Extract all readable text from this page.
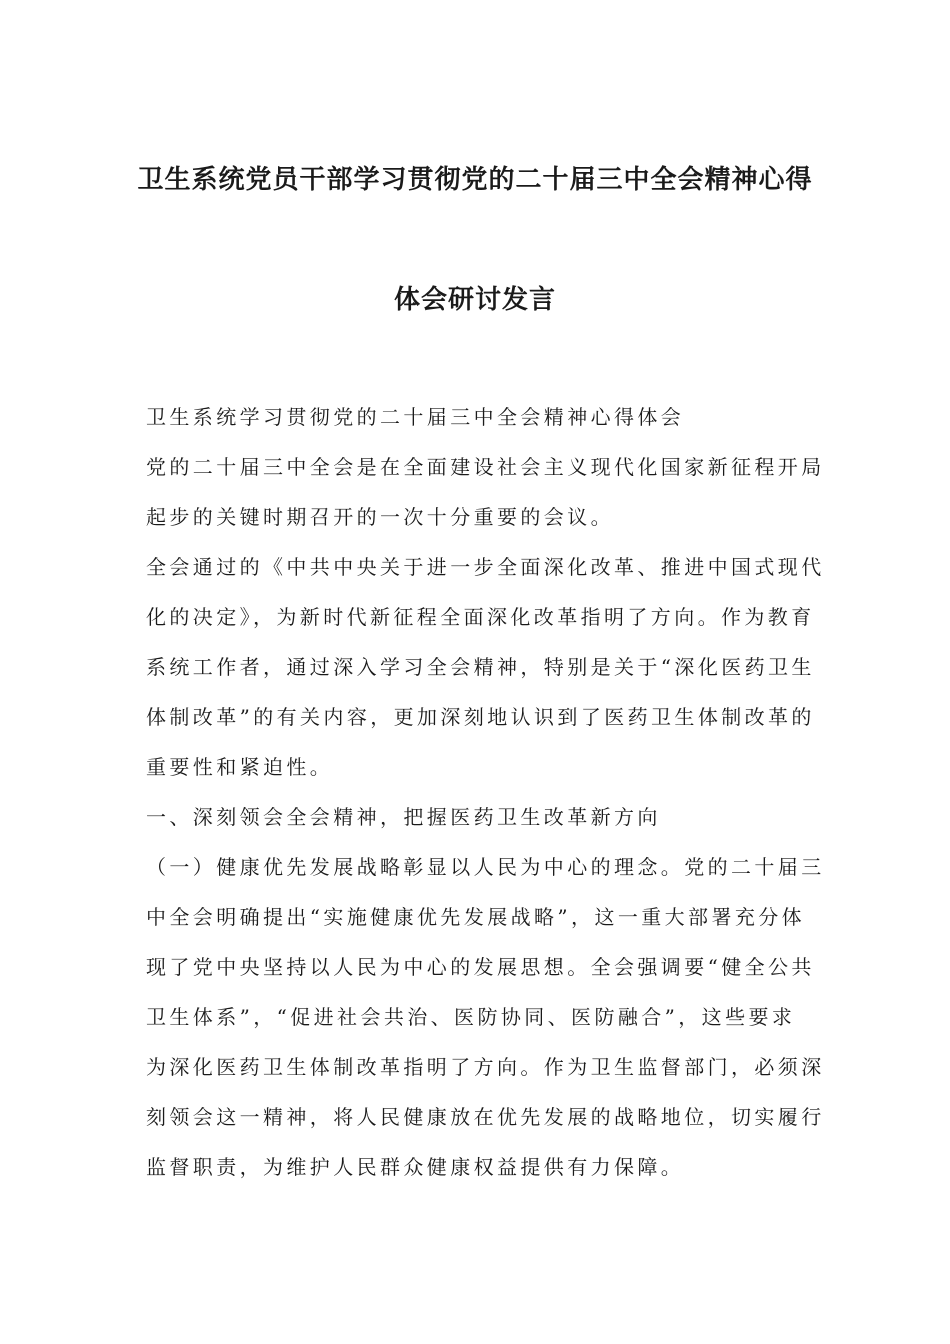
卫生系统党员干部学习贯彻党的二十届三中全会精神心得
体会研讨发言
卫生系统学习贯彻党的二十届三中全会精神心得体会
党的二十届三中全会是在全面建设社会主义现代化国家新征程开局
起步的关键时期召开的一次十分重要的会议。
全会通过的《中共中央关于进一步全面深化改革、推进中国式现代
化的决定》，为新时代新征程全面深化改革指明了方向。作为教育
系统工作者，通过深入学习全会精神，特别是关于“深化医药卫生
体制改革”的有关内容，更加深刻地认识到了医药卫生体制改革的
重要性和紧迫性。
一、深刻领会全会精神，把握医药卫生改革新方向
（一）健康优先发展战略彰显以人民为中心的理念。党的二十届三
中全会明确提出“实施健康优先发展战略”，这一重大部署充分体
现了党中央坚持以人民为中心的发展思想。全会强调要“健全公共
卫生体系”，“促进社会共治、医防协同、医防融合”，这些要求
为深化医药卫生体制改革指明了方向。作为卫生监督部门，必须深
刻领会这一精神，将人民健康放在优先发展的战略地位，切实履行
监督职责，为维护人民群众健康权益提供有力保障。
